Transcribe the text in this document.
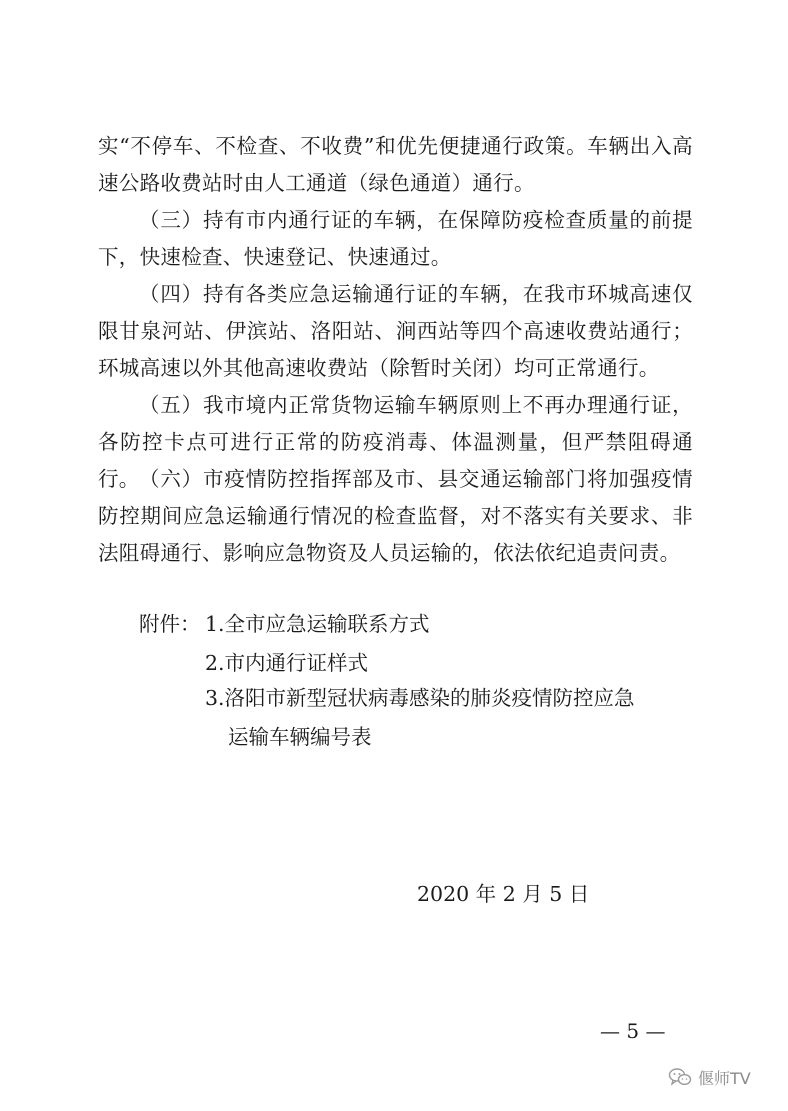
实“不停车、不检查、不收费”和优先便捷通行政策。车辆出入高速公路收费站时由人工通道（绿色通道）通行。

（三）持有市内通行证的车辆，在保障防疫检查质量的前提下，快速检查、快速登记、快速通过。

（四）持有各类应急运输通行证的车辆，在我市环城高速仅限甘泉河站、伊滨站、洛阳站、涧西站等四个高速收费站通行；环城高速以外其他高速收费站（除暂时关闭）均可正常通行。

（五）我市境内正常货物运输车辆原则上不再办理通行证，各防控卡点可进行正常的防疫消毒、体温测量，但严禁阻碍通行。 （六）市疫情防控指挥部及市、县交通运输部门将加强疫情防控期间应急运输通行情况的检查监督，对不落实有关要求、非法阻碍通行、影响应急物资及人员运输的，依法依纪追责问责。

附件： 1.全市应急运输联系方式
2.市内通行证样式
3.洛阳市新型冠状病毒感染的肺炎疫情防控应急
运输车辆编号表
2020 年 2 月 5 日
— 5 —
偃师TV
